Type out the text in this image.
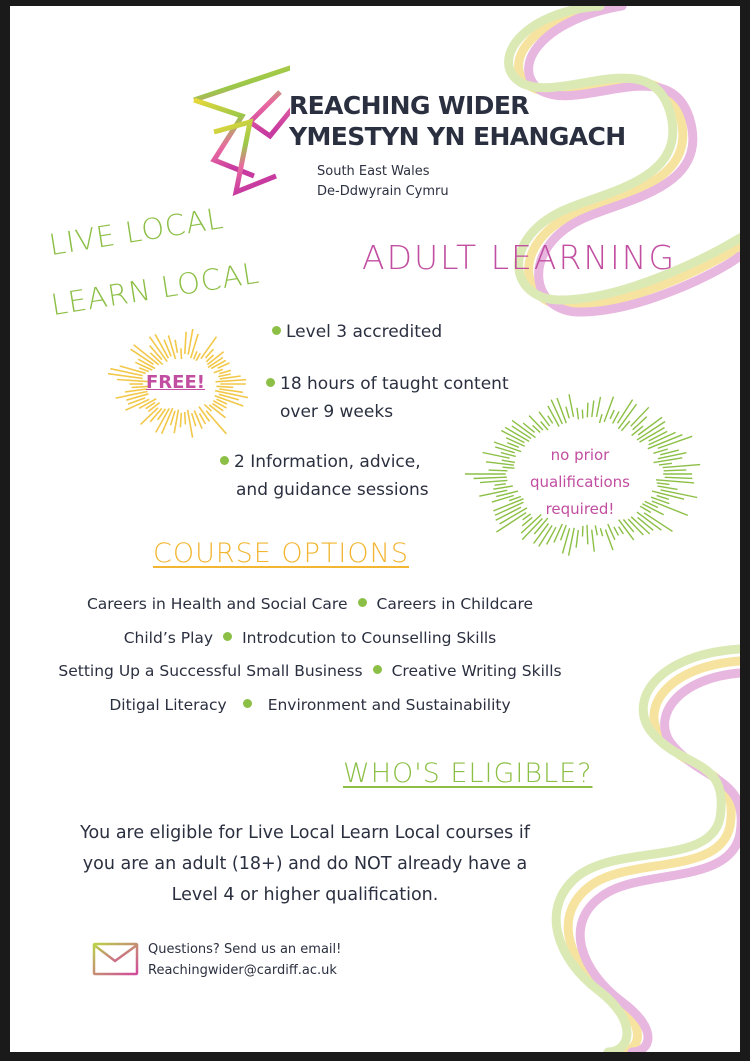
REACHING WIDER
YMESTYN YN EHANGACH
South East Wales
De-Ddwyrain Cymru
LIVE LOCAL
LEARN LOCAL	ADULT LEARNING
FREE!
Level 3 accredited
18 hours of taught content
over 9 weeks
2 Information, advice,
and guidance sessions
no prior
qualifications
required!
COURSE OPTIONS
Careers in Health and Social Care Careers in Childcare
Child’s Play Introdcution to Counselling Skills
Setting Up a Successful Small Business Creative Writing Skills
Ditigal Literacy	Environment and Sustainability
WHO'S ELIGIBLE?
You are eligible for Live Local Learn Local courses if
you are an adult (18+) and do NOT already have a
Level 4 or higher qualification.
Questions? Send us an email!
Reachingwider@cardiff.ac.uk
